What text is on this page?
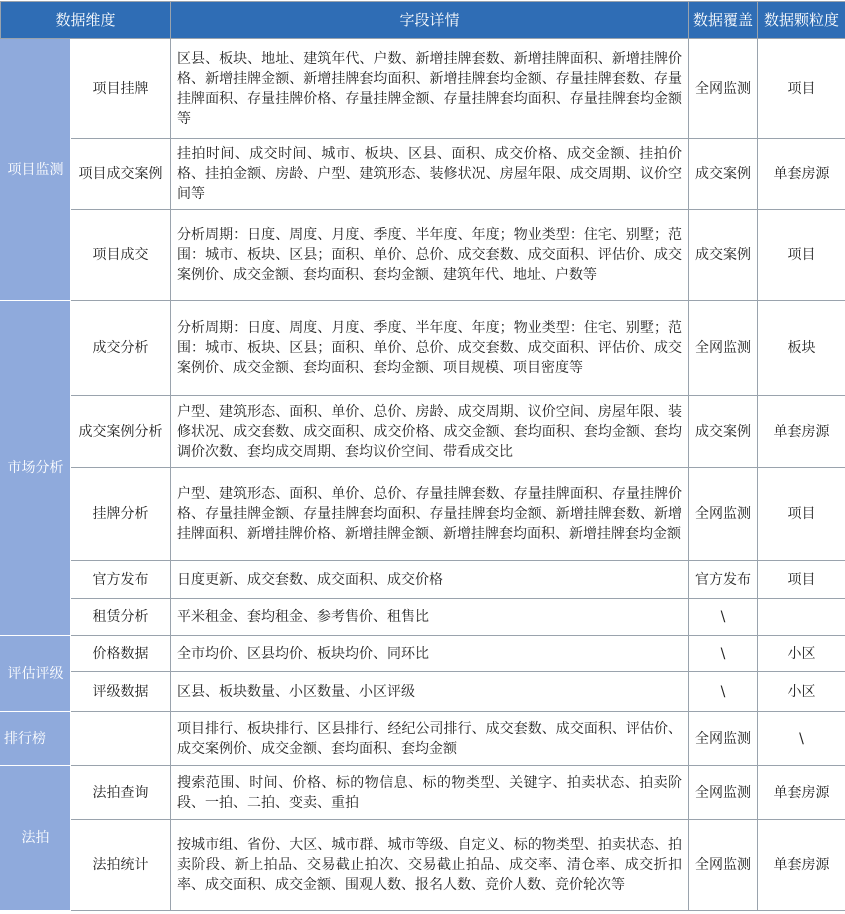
数据维度		字段详情	数据覆盖	数据颗粒度
项目监测	项目挂牌	区县、板块、地址、建筑年代、户数、新增挂牌套数、新增挂牌面积、新增挂牌价格、新增挂牌金额、新增挂牌套均面积、新增挂牌套均金额、存量挂牌套数、存量挂牌面积、存量挂牌价格、存量挂牌金额、存量挂牌套均面积、存量挂牌套均金额等	全网监测	项目
	项目成交案例	挂拍时间、成交时间、城市、板块、区县、面积、成交价格、成交金额、挂拍价格、挂拍金额、房龄、户型、建筑形态、装修状况、房屋年限、成交周期、议价空间等	成交案例	单套房源
	项目成交	分析周期：日度、周度、月度、季度、半年度、年度；物业类型：住宅、别墅；范围：城市、板块、区县；面积、单价、总价、成交套数、成交面积、评估价、成交案例价、成交金额、套均面积、套均金额、建筑年代、地址、户数等	成交案例	项目
市场分析	成交分析	分析周期：日度、周度、月度、季度、半年度、年度；物业类型：住宅、别墅；范围：城市、板块、区县；面积、单价、总价、成交套数、成交面积、评估价、成交案例价、成交金额、套均面积、套均金额、项目规模、项目密度等	全网监测	板块
	成交案例分析	户型、建筑形态、面积、单价、总价、房龄、成交周期、议价空间、房屋年限、装修状况、成交套数、成交面积、成交价格、成交金额、套均面积、套均金额、套均调价次数、套均成交周期、套均议价空间、带看成交比	成交案例	单套房源
	挂牌分析	户型、建筑形态、面积、单价、总价、存量挂牌套数、存量挂牌面积、存量挂牌价格、存量挂牌金额、存量挂牌套均面积、存量挂牌套均金额、新增挂牌套数、新增挂牌面积、新增挂牌价格、新增挂牌金额、新增挂牌套均面积、新增挂牌套均金额	全网监测	项目
	官方发布	日度更新、成交套数、成交面积、成交价格	官方发布	项目
	租赁分析	平米租金、套均租金、参考售价、租售比	\	
评估评级	价格数据	全市均价、区县均价、板块均价、同环比	\	小区
	评级数据	区县、板块数量、小区数量、小区评级	\	小区
排行榜		项目排行、板块排行、区县排行、经纪公司排行、成交套数、成交面积、评估价、成交案例价、成交金额、套均面积、套均金额	全网监测	\
法拍	法拍查询	搜索范围、时间、价格、标的物信息、标的物类型、关键字、拍卖状态、拍卖阶段、一拍、二拍、变卖、重拍	全网监测	单套房源
	法拍统计	按城市组、省份、大区、城市群、城市等级、自定义、标的物类型、拍卖状态、拍卖阶段、新上拍品、交易截止拍次、交易截止拍品、成交率、清仓率、成交折扣率、成交面积、成交金额、围观人数、报名人数、竞价人数、竞价轮次等	全网监测	单套房源
